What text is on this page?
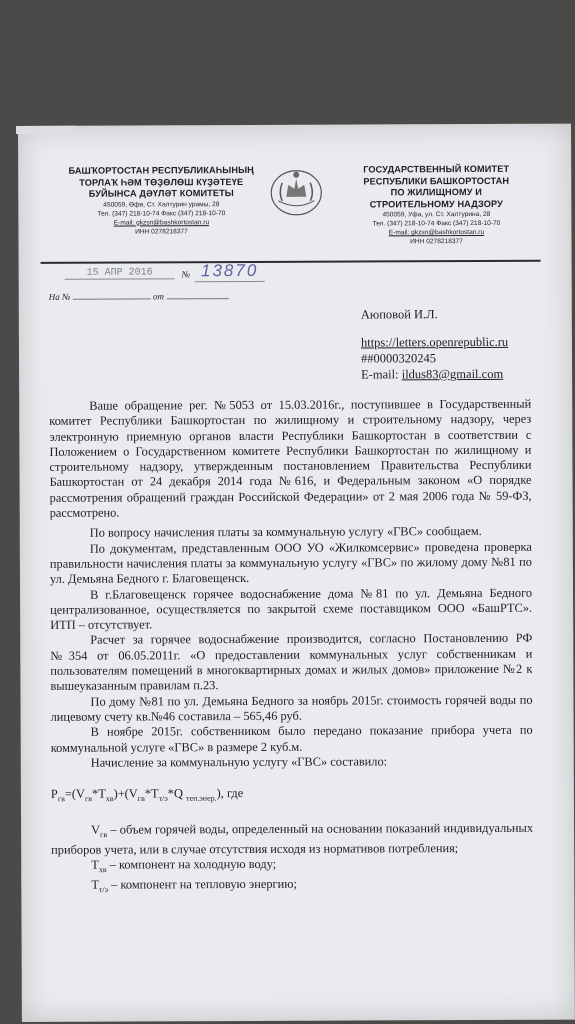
БАШҠОРТОСТАН РЕСПУБЛИКАҺЫНЫҢ
ТОРЛАҠ ҺӘМ ТӨҘӨЛӨШ КҮҘӘТЕҮЕ
БУЙЫНСА ДӘҮЛӘТ КОМИТЕТЫ
450059, Өфө, Ст. Халтурин урамы, 28
Тел. (347) 218-10-74 Факс (347) 218-10-70
E-mail: gkzsn@bashkortostan.ru
ИНН 0278218377
ГОСУДАРСТВЕННЫЙ КОМИТЕТ
РЕСПУБЛИКИ БАШКОРТОСТАН
ПО ЖИЛИЩНОМУ И
СТРОИТЕЛЬНОМУ НАДЗОРУ
450059, Уфа, ул. Ст. Халтурина, 28
Тел. (347) 218-10-74 Факс (347) 218-10-70
E-mail: gkzsn@bashkortostan.ru
ИНН 0278218377
15 АПР 2016	№ 13870
На №	от
Аюповой И.Л.
https://letters.openrepublic.ru
##0000320245
E-mail: ildus83@gmail.com

Ваше обращение рег. №5053 от 15.03.2016г., поступившее в Государственный комитет Республики Башкортостан по жилищному и строительному надзору, через электронную приемную органов власти Республики Башкортостан в соответствии с Положением о Государственном комитете Республики Башкортостан по жилищному и строительному надзору, утвержденным постановлением Правительства Республики Башкортостан от 24 декабря 2014 года №616, и Федеральным законом «О порядке рассмотрения обращений граждан Российской Федерации» от 2 мая 2006 года № 59-ФЗ, рассмотрено.

По вопросу начисления платы за коммунальную услугу «ГВС» сообщаем.

По документам, представленным ООО УО «Жилкомсервис» проведена проверка правильности начисления платы за коммунальную услугу «ГВС» по жилому дому №81 по ул. Демьяна Бедного г. Благовещенск.

В г.Благовещенск горячее водоснабжение дома №81 по ул. Демьяна Бедного централизованное, осуществляется по закрытой схеме поставщиком ООО «БашРТС». ИТП – отсутствует.

Расчет за горячее водоснабжение производится, согласно Постановлению РФ №354 от 06.05.2011г. «О предоставлении коммунальных услуг собственникам и пользователям помещений в многоквартирных домах и жилых домов» приложение №2 к вышеуказанным правилам п.23.

По дому №81 по ул. Демьяна Бедного за ноябрь 2015г. стоимость горячей воды по лицевому счету кв.№46 составила – 565,46 руб.

В ноябре 2015г. собственником было передано показание прибора учета по коммунальной услуге «ГВС» в размере 2 куб.м.

Начисление за коммунальную услугу «ГВС» составило:

$P_{гв}=(V_{гв}*T_{хв})+(V_{гв}*T_{т/э}*Q$ $_{теп.энер.}$), где

$V_{гв}$ – объем горячей воды, определенный на основании показаний индивидуальных приборов учета, или в случае отсутствия исходя из нормативов потребления;

$T_{хв}$ – компонент на холодную воду;

$T_{т/э}$ – компонент на тепловую энергию;
